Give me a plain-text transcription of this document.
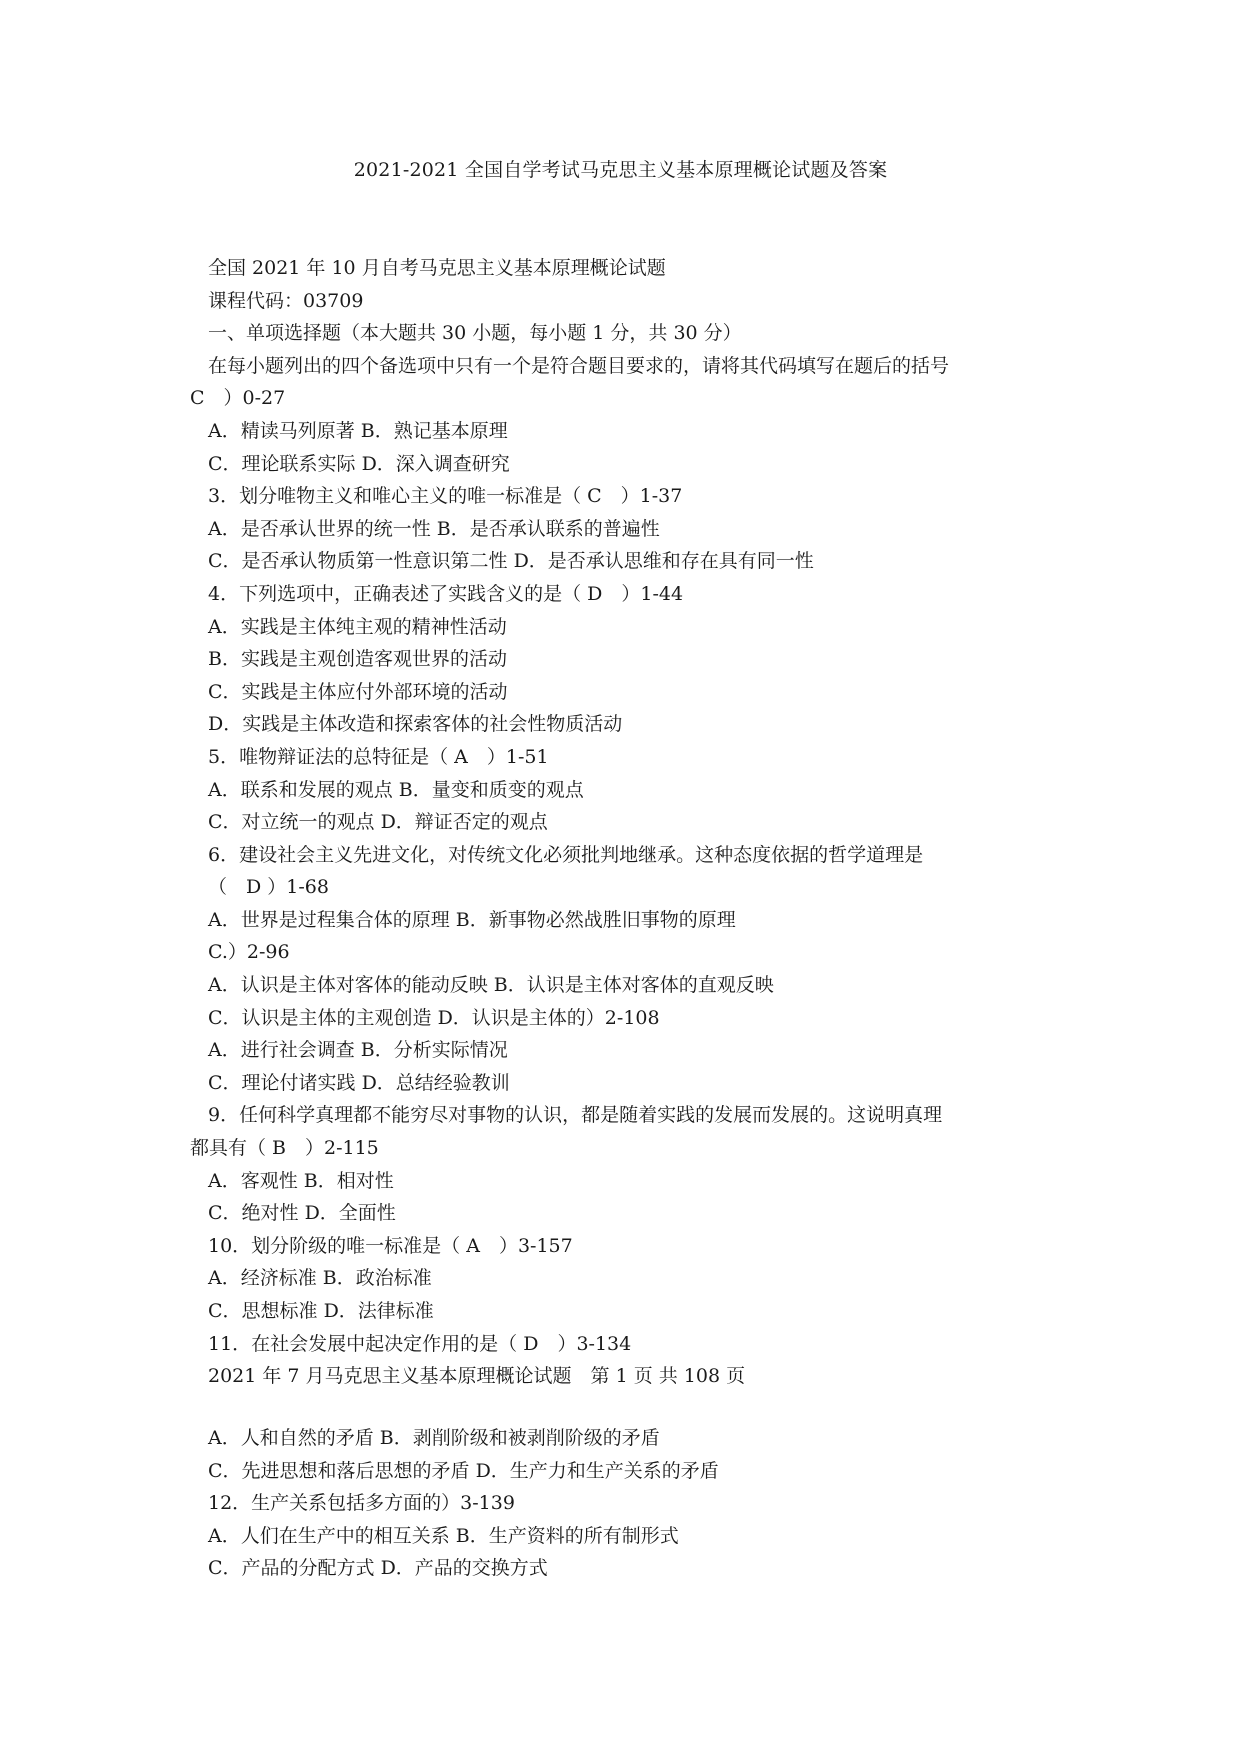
2021-2021 全国自学考试马克思主义基本原理概论试题及答案
全国 2021 年 10 月自考马克思主义基本原理概论试题
课程代码：03709
一、单项选择题（本大题共 30 小题，每小题 1 分，共 30 分）
在每小题列出的四个备选项中只有一个是符合题目要求的，请将其代码填写在题后的括号
C　）0-27
A．精读马列原著 B．熟记基本原理
C．理论联系实际 D．深入调查研究
3．划分唯物主义和唯心主义的唯一标准是（ C　）1-37
A．是否承认世界的统一性 B．是否承认联系的普遍性
C．是否承认物质第一性意识第二性 D．是否承认思维和存在具有同一性
4．下列选项中，正确表述了实践含义的是（ D　）1-44
A．实践是主体纯主观的精神性活动
B．实践是主观创造客观世界的活动
C．实践是主体应付外部环境的活动
D．实践是主体改造和探索客体的社会性物质活动
5．唯物辩证法的总特征是（ A　）1-51
A．联系和发展的观点 B．量变和质变的观点
C．对立统一的观点 D．辩证否定的观点
6．建设社会主义先进文化，对传统文化必须批判地继承。这种态度依据的哲学道理是
（　D ）1-68
A．世界是过程集合体的原理 B．新事物必然战胜旧事物的原理
C.）2-96
A．认识是主体对客体的能动反映 B．认识是主体对客体的直观反映
C．认识是主体的主观创造 D．认识是主体的）2-108
A．进行社会调查 B．分析实际情况
C．理论付诸实践 D．总结经验教训
9．任何科学真理都不能穷尽对事物的认识，都是随着实践的发展而发展的。这说明真理
都具有（ B　）2-115
A．客观性 B．相对性
C．绝对性 D．全面性
10．划分阶级的唯一标准是（ A　）3-157
A．经济标准 B．政治标准
C．思想标准 D．法律标准
11．在社会发展中起决定作用的是（ D　）3-134
2021 年 7 月马克思主义基本原理概论试题　第 1 页 共 108 页
A．人和自然的矛盾 B．剥削阶级和被剥削阶级的矛盾
C．先进思想和落后思想的矛盾 D．生产力和生产关系的矛盾
12．生产关系包括多方面的）3-139
A．人们在生产中的相互关系 B．生产资料的所有制形式
C．产品的分配方式 D．产品的交换方式
